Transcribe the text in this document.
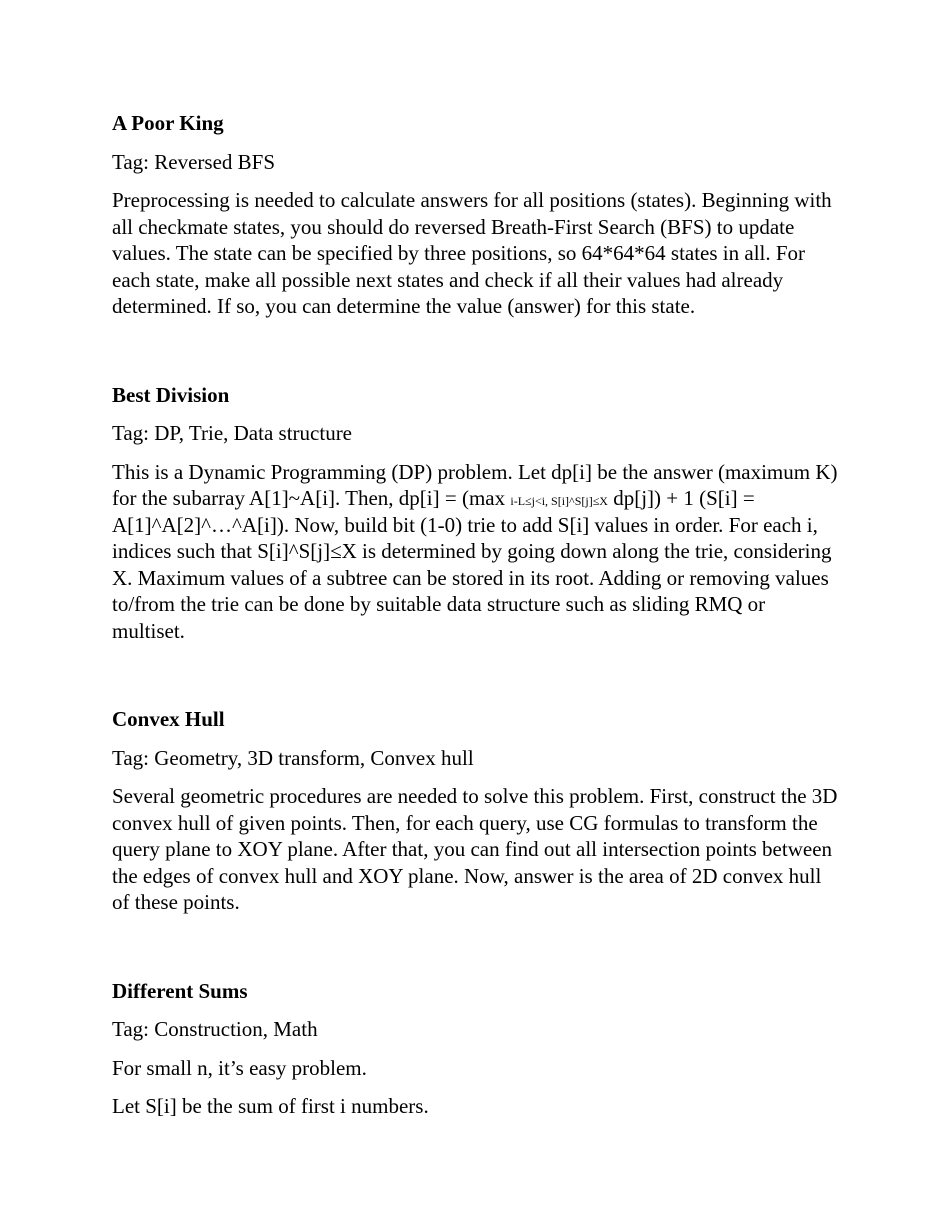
A Poor King
Tag: Reversed BFS
Preprocessing is needed to calculate answers for all positions (states). Beginning with all checkmate states, you should do reversed Breath-First Search (BFS) to update values. The state can be specified by three positions, so 64*64*64 states in all. For each state, make all possible next states and check if all their values had already determined. If so, you can determine the value (answer) for this state.
Best Division
Tag: DP, Trie, Data structure
This is a Dynamic Programming (DP) problem. Let dp[i] be the answer (maximum K) for the subarray A[1]~A[i]. Then, dp[i] = (max i-L≤j<i, S[i]^S[j]≤X dp[j]) + 1 (S[i] = A[1]^A[2]^…^A[i]). Now, build bit (1-0) trie to add S[i] values in order. For each i, indices such that S[i]^S[j]≤X is determined by going down along the trie, considering X. Maximum values of a subtree can be stored in its root. Adding or removing values to/from the trie can be done by suitable data structure such as sliding RMQ or multiset.
Convex Hull
Tag: Geometry, 3D transform, Convex hull
Several geometric procedures are needed to solve this problem. First, construct the 3D convex hull of given points. Then, for each query, use CG formulas to transform the query plane to XOY plane. After that, you can find out all intersection points between the edges of convex hull and XOY plane. Now, answer is the area of 2D convex hull of these points.
Different Sums
Tag: Construction, Math
For small n, it’s easy problem.
Let S[i] be the sum of first i numbers.
